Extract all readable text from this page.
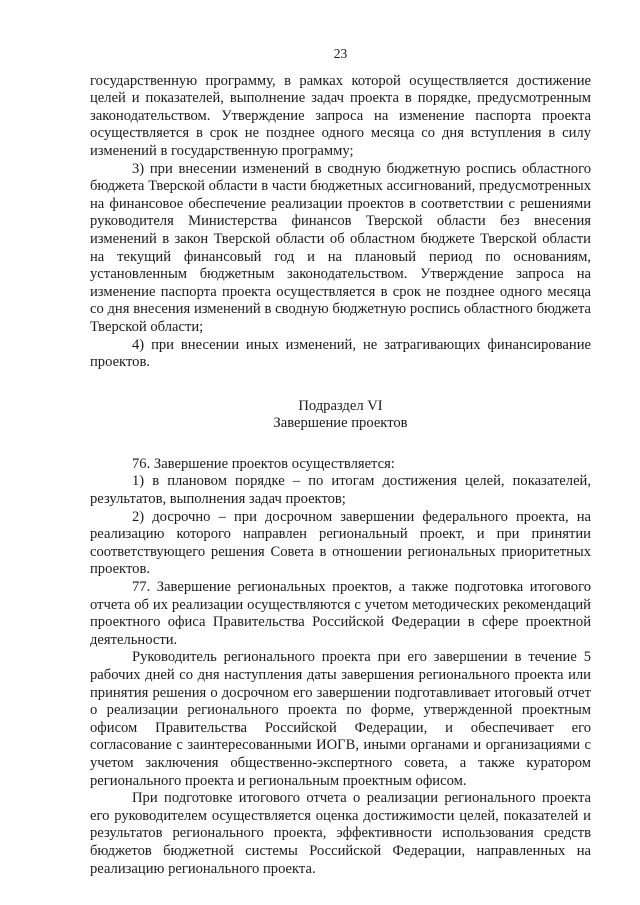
23

государственную программу, в рамках которой осуществляется достижение целей и показателей, выполнение задач проекта в порядке, предусмотренным законодательством. Утверждение запроса на изменение паспорта проекта осуществляется в срок не позднее одного месяца со дня вступления в силу изменений в государственную программу;

3) при внесении изменений в сводную бюджетную роспись областного бюджета Тверской области в части бюджетных ассигнований, предусмотренных на финансовое обеспечение реализации проектов в соответствии с решениями руководителя Министерства финансов Тверской области без внесения изменений в закон Тверской области об областном бюджете Тверской области на текущий финансовый год и на плановый период по основаниям, установленным бюджетным законодательством. Утверждение запроса на изменение паспорта проекта осуществляется в срок не позднее одного месяца со дня внесения изменений в сводную бюджетную роспись областного бюджета Тверской области;

4) при внесении иных изменений, не затрагивающих финансирование проектов.

Подраздел VI
Завершение проектов

76. Завершение проектов осуществляется:

1) в плановом порядке – по итогам достижения целей, показателей, результатов, выполнения задач проектов;

2) досрочно – при досрочном завершении федерального проекта, на реализацию которого направлен региональный проект, и при принятии соответствующего решения Совета в отношении региональных приоритетных проектов.

77. Завершение региональных проектов, а также подготовка итогового отчета об их реализации осуществляются с учетом методических рекомендаций проектного офиса Правительства Российской Федерации в сфере проектной деятельности.

Руководитель регионального проекта при его завершении в течение 5 рабочих дней со дня наступления даты завершения регионального проекта или принятия решения о досрочном его завершении подготавливает итоговый отчет о реализации регионального проекта по форме, утвержденной проектным офисом Правительства Российской Федерации, и обеспечивает его согласование с заинтересованными ИОГВ, иными органами и организациями с учетом заключения общественно-экспертного совета, а также куратором регионального проекта и региональным проектным офисом.

При подготовке итогового отчета о реализации регионального проекта его руководителем осуществляется оценка достижимости целей, показателей и результатов регионального проекта, эффективности использования средств бюджетов бюджетной системы Российской Федерации, направленных на реализацию регионального проекта.
